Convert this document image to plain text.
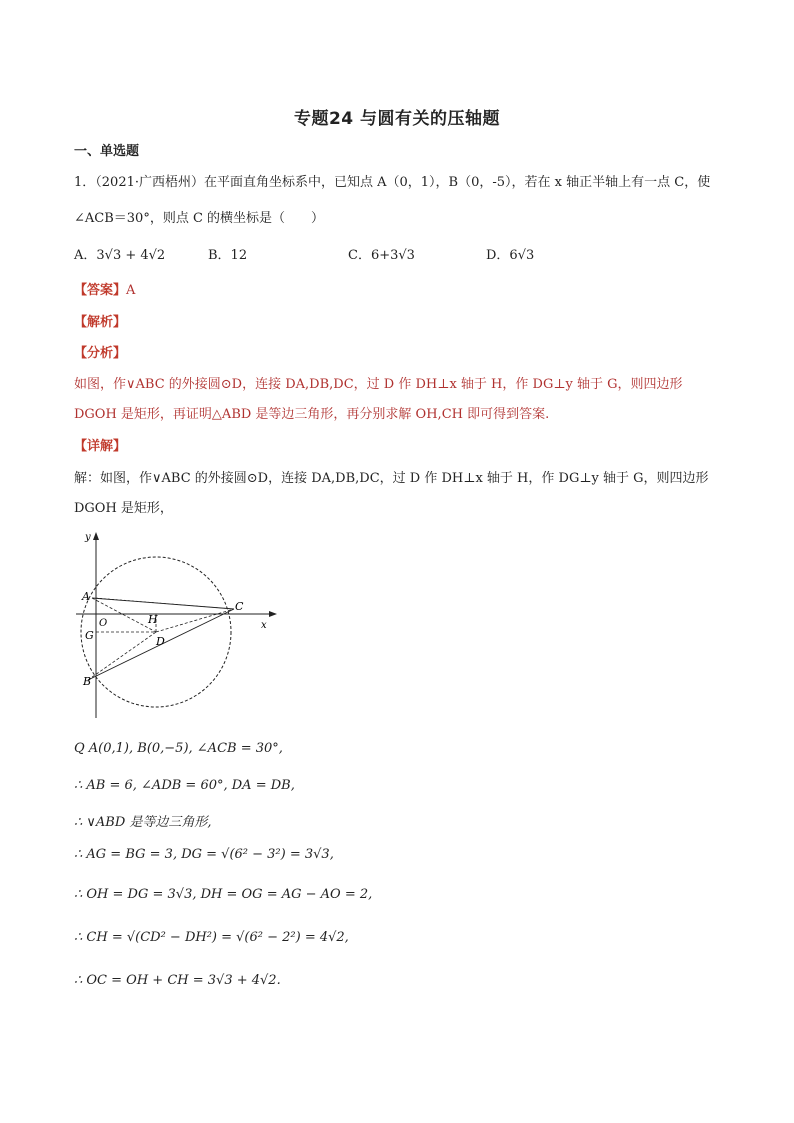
专题24 与圆有关的压轴题
一、单选题
1．（2021·广西梧州）在平面直角坐标系中，已知点 A（0，1），B（0，-5），若在 x 轴正半轴上有一点 C，使
∠ACB＝30°，则点 C 的横坐标是（　　）
A．3√3 + 4√2	B．12	C．6+3√3	D．6√3
【答案】A
【解析】
【分析】
如图，作∨ABC 的外接圆⊙D，连接 DA,DB,DC，过 D 作 DH⊥x 轴于 H，作 DG⊥y 轴于 G，则四边形
DGOH 是矩形，再证明△ABD 是等边三角形，再分别求解 OH,CH 即可得到答案.
【详解】
解：如图，作∨ABC 的外接圆⊙D，连接 DA,DB,DC，过 D 作 DH⊥x 轴于 H，作 DG⊥y 轴于 G，则四边形
DGOH 是矩形，
y
x
A
O
G
H
D
C
B
Q A(0,1), B(0,−5), ∠ACB = 30°,
∴ AB = 6, ∠ADB = 60°, DA = DB,
∴ ∨ABD 是等边三角形,
∴ AG = BG = 3, DG = √(6² − 3²) = 3√3,
∴ OH = DG = 3√3, DH = OG = AG − AO = 2,
∴ CH = √(CD² − DH²) = √(6² − 2²) = 4√2,
∴ OC = OH + CH = 3√3 + 4√2.
